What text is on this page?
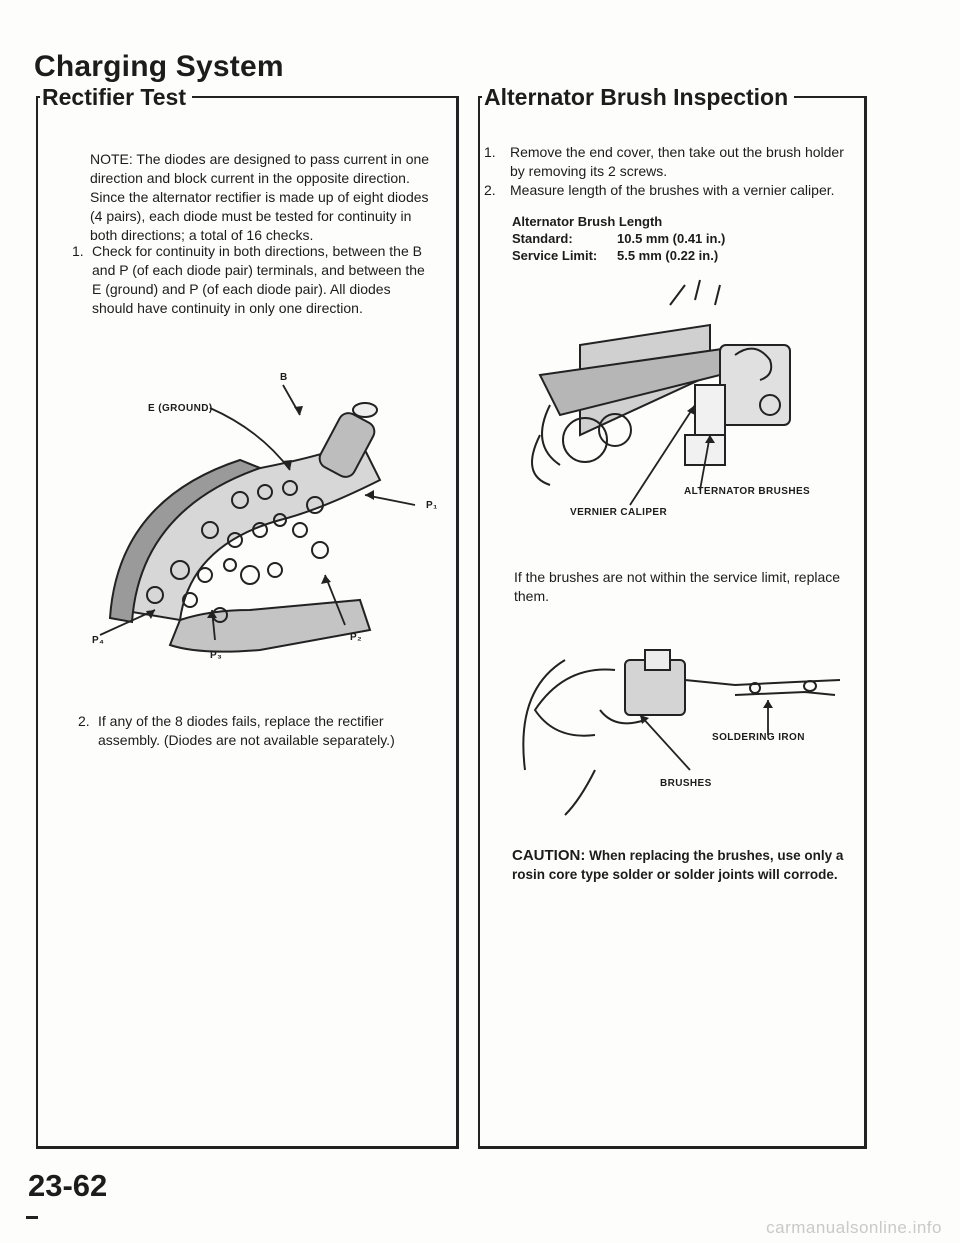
Charging System
Rectifier Test
NOTE: The diodes are designed to pass current in one direction and block current in the opposite direction. Since the alternator rectifier is made up of eight diodes (4 pairs), each diode must be tested for continuity in both directions; a total of 16 checks.
1. Check for continuity in both directions, between the B and P (of each diode pair) terminals, and between the E (ground) and P (of each diode pair). All diodes should have continuity in only one direction.
B
E (GROUND)
P₁
P₂
P₃
P₄
2. If any of the 8 diodes fails, replace the rectifier assembly. (Diodes are not available separately.)
Alternator Brush Inspection
1.	Remove the end cover, then take out the brush holder by removing its 2 screws.
2.	Measure length of the brushes with a vernier caliper.
Alternator Brush Length
Standard:	10.5 mm (0.41 in.)
Service Limit: 5.5 mm (0.22 in.)
ALTERNATOR BRUSHES
VERNIER CALIPER
If the brushes are not within the service limit, replace them.
SOLDERING IRON
BRUSHES
CAUTION: When replacing the brushes, use only a rosin core type solder or solder joints will corrode.
23-62
carmanualsonline.info
